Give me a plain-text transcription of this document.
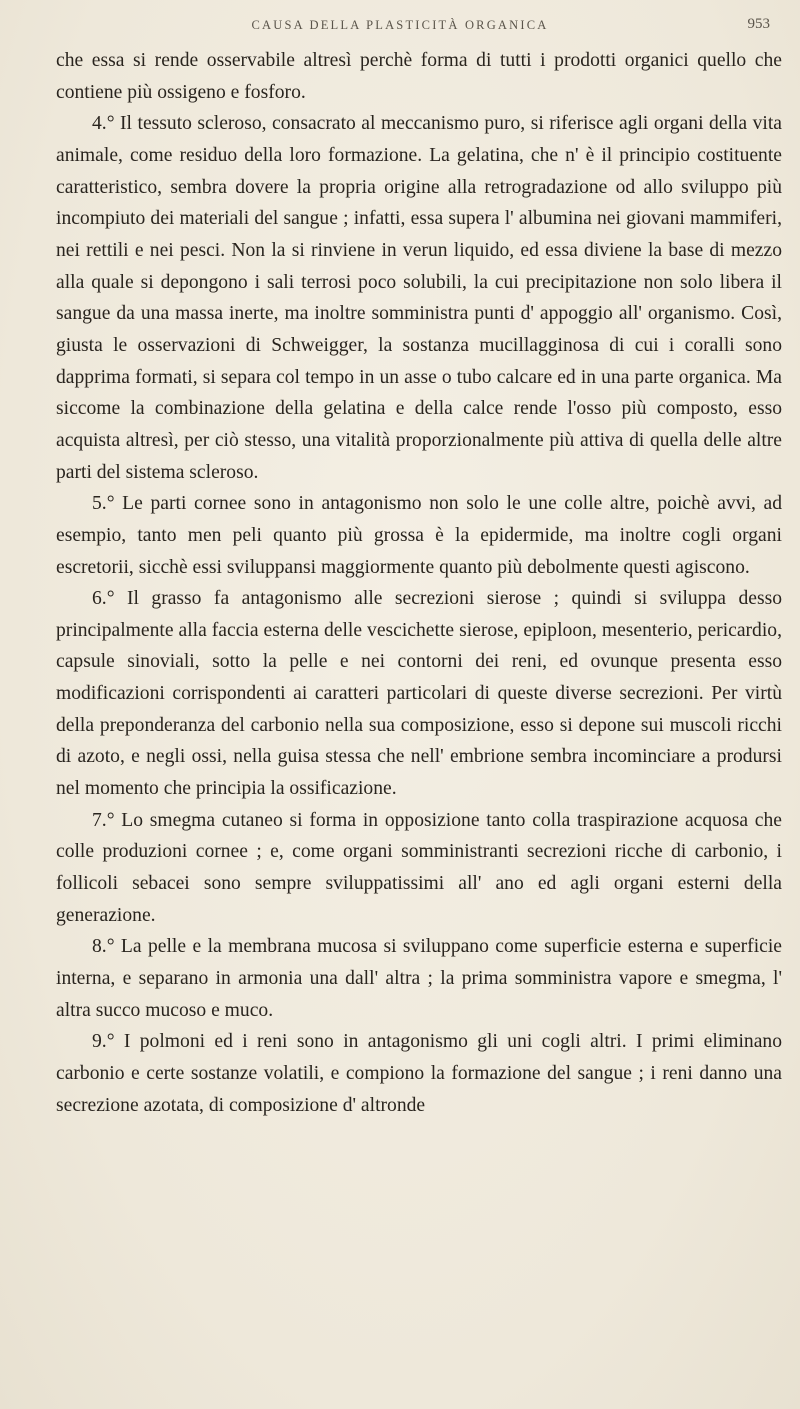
CAUSA DELLA PLASTICITÀ ORGANICA	953

che essa si rende osservabile altresì perchè forma di tutti i prodotti organici quello che contiene più ossigeno e fosforo.

4.° Il tessuto scleroso, consacrato al meccanismo puro, si riferisce agli organi della vita animale, come residuo della loro formazione. La gelatina, che n' è il principio costituente caratteristico, sembra dovere la propria origine alla retrogradazione od allo sviluppo più incompiuto dei materiali del sangue ; infatti, essa supera l' albumina nei giovani mammiferi, nei rettili e nei pesci. Non la si rinviene in verun liquido, ed essa diviene la base di mezzo alla quale si depongono i sali terrosi poco solubili, la cui precipitazione non solo libera il sangue da una massa inerte, ma inoltre somministra punti d' appoggio all' organismo. Così, giusta le osservazioni di Schweigger, la sostanza mucillagginosa di cui i coralli sono dapprima formati, si separa col tempo in un asse o tubo calcare ed in una parte organica. Ma siccome la combinazione della gelatina e della calce rende l'osso più composto, esso acquista altresì, per ciò stesso, una vitalità proporzionalmente più attiva di quella delle altre parti del sistema scleroso.

5.° Le parti cornee sono in antagonismo non solo le une colle altre, poichè avvi, ad esempio, tanto men peli quanto più grossa è la epidermide, ma inoltre cogli organi escretorii, sicchè essi sviluppansi maggiormente quanto più debolmente questi agiscono.

6.° Il grasso fa antagonismo alle secrezioni sierose ; quindi si sviluppa desso principalmente alla faccia esterna delle vescichette sierose, epiploon, mesenterio, pericardio, capsule sinoviali, sotto la pelle e nei contorni dei reni, ed ovunque presenta esso modificazioni corrispondenti ai caratteri particolari di queste diverse secrezioni. Per virtù della preponderanza del carbonio nella sua composizione, esso si depone sui muscoli ricchi di azoto, e negli ossi, nella guisa stessa che nell' embrione sembra incominciare a prodursi nel momento che principia la ossificazione.

7.° Lo smegma cutaneo si forma in opposizione tanto colla traspirazione acquosa che colle produzioni cornee ; e, come organi somministranti secrezioni ricche di carbonio, i follicoli sebacei sono sempre sviluppatissimi all' ano ed agli organi esterni della generazione.

8.° La pelle e la membrana mucosa si sviluppano come superficie esterna e superficie interna, e separano in armonia una dall' altra ; la prima somministra vapore e smegma, l' altra succo mucoso e muco.

9.° I polmoni ed i reni sono in antagonismo gli uni cogli altri. I primi eliminano carbonio e certe sostanze volatili, e compiono la formazione del sangue ; i reni danno una secrezione azotata, di composizione d' altronde
